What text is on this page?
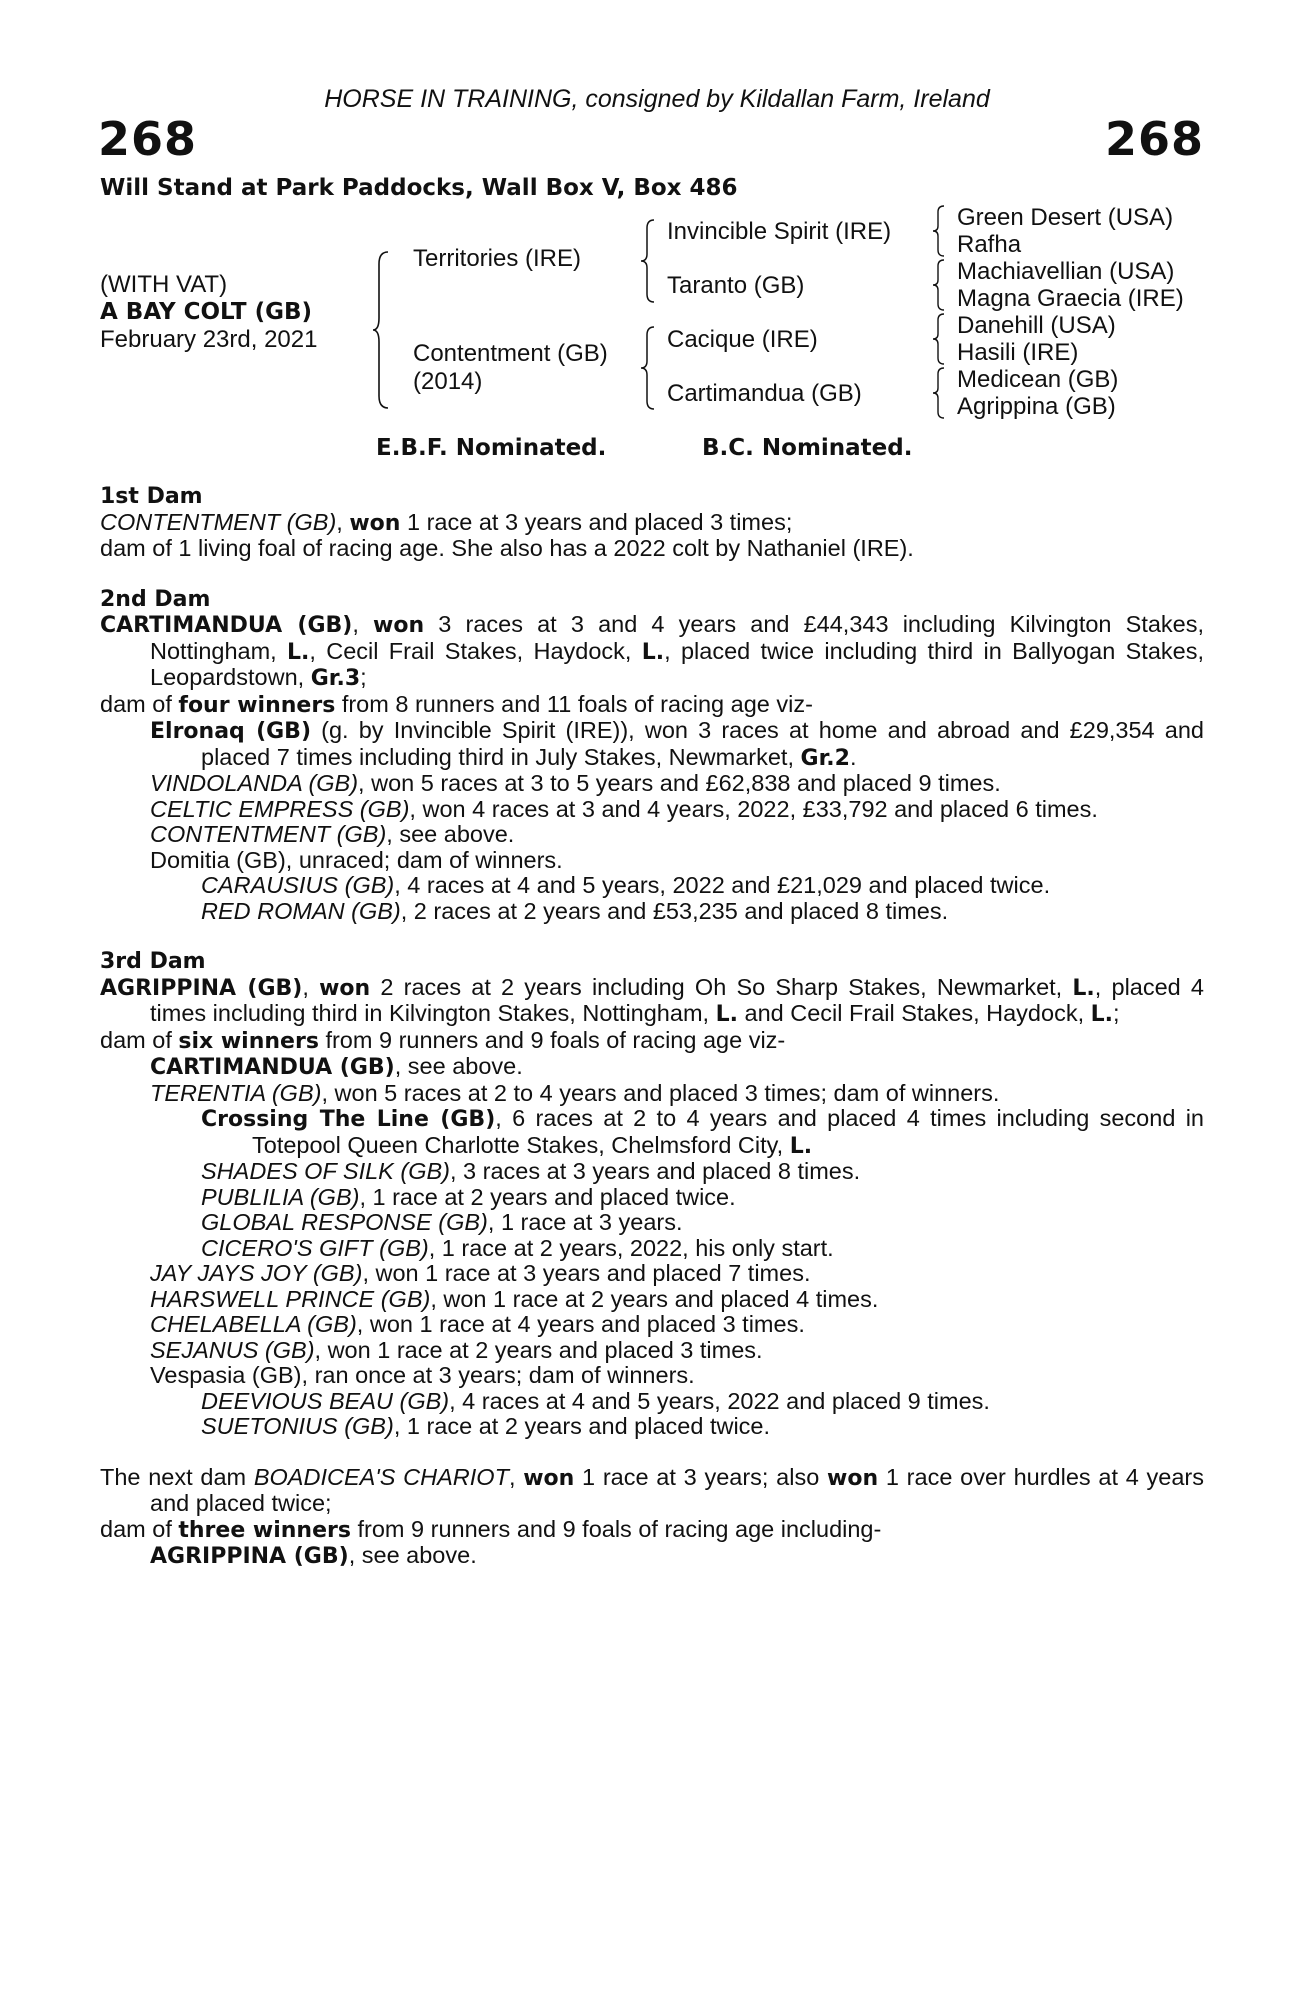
HORSE IN TRAINING, consigned by Kildallan Farm, Ireland
268	268
Will Stand at Park Paddocks, Wall Box V, Box 486
(WITH VAT)
A BAY COLT (GB)
February 23rd, 2021
Territories (IRE)
Contentment (GB)
(2014)
Invincible Spirit (IRE)
Taranto (GB)
Cacique (IRE)
Cartimandua (GB)
Green Desert (USA)
Rafha
Machiavellian (USA)
Magna Graecia (IRE)
Danehill (USA)
Hasili (IRE)
Medicean (GB)
Agrippina (GB)
E.B.F. Nominated.	B.C. Nominated.
1st Dam
CONTENTMENT (GB), won 1 race at 3 years and placed 3 times;
dam of 1 living foal of racing age. She also has a 2022 colt by Nathaniel (IRE).
2nd Dam
CARTIMANDUA (GB), won 3 races at 3 and 4 years and £44,343 including Kilvington Stakes, Nottingham, L., Cecil Frail Stakes, Haydock, L., placed twice including third in Ballyogan Stakes, Leopardstown, Gr.3;
dam of four winners from 8 runners and 11 foals of racing age viz-
Elronaq (GB) (g. by Invincible Spirit (IRE)), won 3 races at home and abroad and £29,354 and placed 7 times including third in July Stakes, Newmarket, Gr.2.
VINDOLANDA (GB), won 5 races at 3 to 5 years and £62,838 and placed 9 times.
CELTIC EMPRESS (GB), won 4 races at 3 and 4 years, 2022, £33,792 and placed 6 times.
CONTENTMENT (GB), see above.
Domitia (GB), unraced; dam of winners.
CARAUSIUS (GB), 4 races at 4 and 5 years, 2022 and £21,029 and placed twice.
RED ROMAN (GB), 2 races at 2 years and £53,235 and placed 8 times.
3rd Dam
AGRIPPINA (GB), won 2 races at 2 years including Oh So Sharp Stakes, Newmarket, L., placed 4 times including third in Kilvington Stakes, Nottingham, L. and Cecil Frail Stakes, Haydock, L.;
dam of six winners from 9 runners and 9 foals of racing age viz-
CARTIMANDUA (GB), see above.
TERENTIA (GB), won 5 races at 2 to 4 years and placed 3 times; dam of winners.
Crossing The Line (GB), 6 races at 2 to 4 years and placed 4 times including second in Totepool Queen Charlotte Stakes, Chelmsford City, L.
SHADES OF SILK (GB), 3 races at 3 years and placed 8 times.
PUBLILIA (GB), 1 race at 2 years and placed twice.
GLOBAL RESPONSE (GB), 1 race at 3 years.
CICERO'S GIFT (GB), 1 race at 2 years, 2022, his only start.
JAY JAYS JOY (GB), won 1 race at 3 years and placed 7 times.
HARSWELL PRINCE (GB), won 1 race at 2 years and placed 4 times.
CHELABELLA (GB), won 1 race at 4 years and placed 3 times.
SEJANUS (GB), won 1 race at 2 years and placed 3 times.
Vespasia (GB), ran once at 3 years; dam of winners.
DEEVIOUS BEAU (GB), 4 races at 4 and 5 years, 2022 and placed 9 times.
SUETONIUS (GB), 1 race at 2 years and placed twice.
The next dam BOADICEA'S CHARIOT, won 1 race at 3 years; also won 1 race over hurdles at 4 years and placed twice;
dam of three winners from 9 runners and 9 foals of racing age including-
AGRIPPINA (GB), see above.
